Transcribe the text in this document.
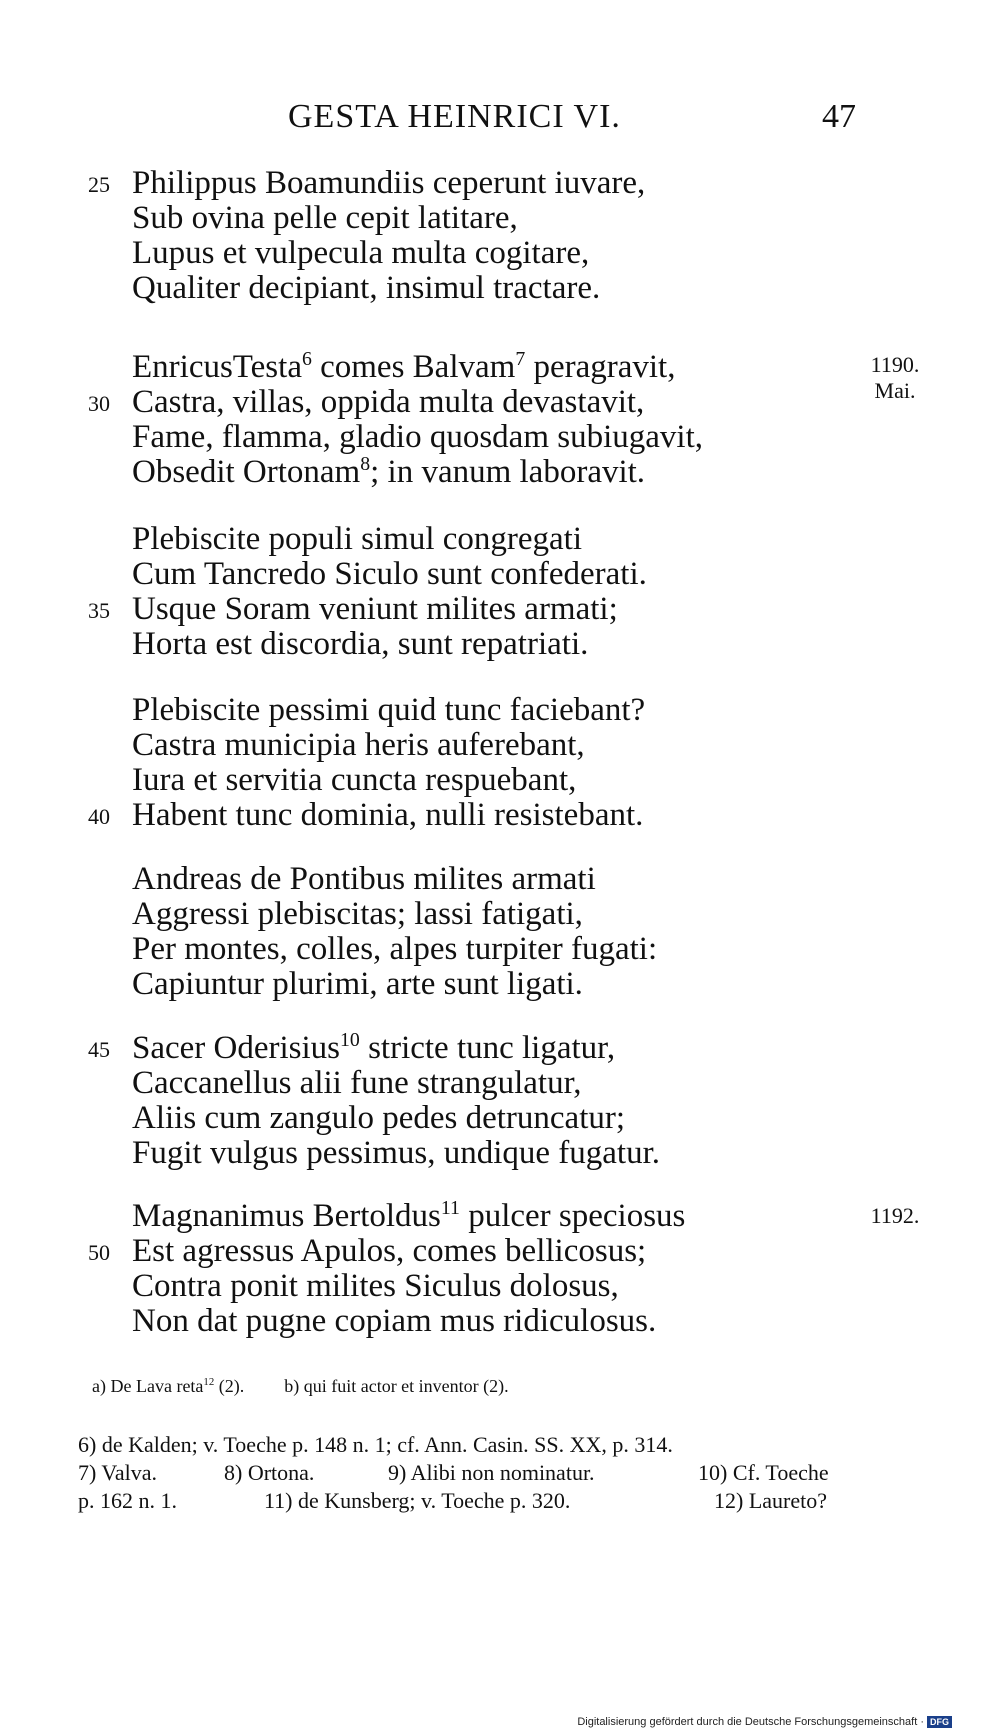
GESTA HEINRICI VI.	47
25 Philippus Boamundiis ceperunt iuvare,
Sub ovina pelle cepit latitare,
Lupus et vulpecula multa cogitare,
Qualiter decipiant, insimul tractare.
EnricusTesta$^6$ comes Balvam$^7$ peragravit,
30 Castra, villas, oppida multa devastavit,
Fame, flamma, gladio quosdam subiugavit,
Obsedit Ortonam$^8$; in vanum laboravit.
1190.
Mai.
Plebiscite populi simul congregati
Cum Tancredo Siculo sunt confederati.
35 Usque Soram veniunt milites armati;
Horta est discordia, sunt repatriati.
Plebiscite pessimi quid tunc faciebant?
Castra municipia heris auferebant,
Iura et servitia cuncta respuebant,
40 Habent tunc dominia, nulli resistebant.
Andreas de Pontibus milites armati
Aggressi plebiscitas; lassi fatigati,
Per montes, colles, alpes turpiter fugati:
Capiuntur plurimi, arte sunt ligati.
45 Sacer Oderisius$^{10}$ stricte tunc ligatur,
Caccanellus alii fune strangulatur,
Aliis cum zangulo pedes detruncatur;
Fugit vulgus pessimus, undique fugatur.
Magnanimus Bertoldus$^{11}$ pulcer speciosus
50 Est agressus Apulos, comes bellicosus;
Contra ponit milites Siculus dolosus,
Non dat pugne copiam mus ridiculosus.
1192.
a) De Lava reta$^{12}$ (2). b) qui fuit actor et inventor (2).
6) de Kalden; v. Toeche p. 148 n. 1; cf. Ann. Casin. SS. XX, p. 314.
7) Valva.	8) Ortona.	9) Alibi non nominatur.	10) Cf. Toeche
p. 162 n. 1.	11) de Kunsberg; v. Toeche p. 320.	12) Laureto?
Digitalisierung gefördert durch die Deutsche Forschungsgemeinschaft · DFG
